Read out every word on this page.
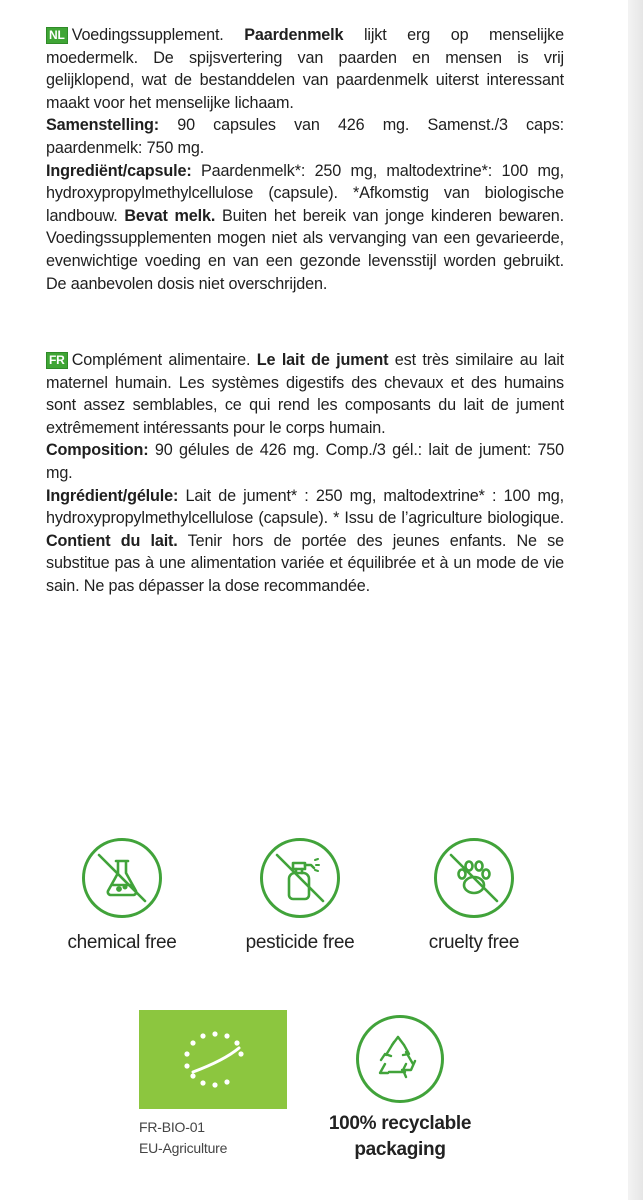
NL Voedingssupplement. Paardenmelk lijkt erg op menselijke moedermelk. De spijsvertering van paarden en mensen is vrij gelijklopend, wat de bestanddelen van paardenmelk uiterst interessant maakt voor het menselijke lichaam.

Samenstelling: 90 capsules van 426 mg. Samenst./3 caps: paardenmelk: 750 mg.

Ingrediënt/capsule: Paardenmelk*: 250 mg, maltodextrine*: 100 mg, hydroxypropylmethylcellulose (capsule). *Afkomstig van biologische landbouw. Bevat melk. Buiten het bereik van jonge kinderen bewaren. Voedingssupplementen mogen niet als vervanging van een gevarieerde, evenwichtige voeding en van een gezonde levensstijl worden gebruikt. De aanbevolen dosis niet overschrijden.

FR Complément alimentaire. Le lait de jument est très similaire au lait maternel humain. Les systèmes digestifs des chevaux et des humains sont assez semblables, ce qui rend les composants du lait de jument extrêmement intéressants pour le corps humain.

Composition: 90 gélules de 426 mg. Comp./3 gél.: lait de jument: 750 mg.

Ingrédient/gélule: Lait de jument* : 250 mg, maltodextrine* : 100 mg, hydroxypropylmethylcellulose (capsule). * Issu de l’agriculture biologique. Contient du lait. Tenir hors de portée des jeunes enfants. Ne se substitue pas à une alimentation variée et équilibrée et à un mode de vie sain. Ne pas dépasser la dose recommandée.

chemical free	pesticide free	cruelty free
FR-BIO-01
EU-Agriculture
100% recyclable
packaging
